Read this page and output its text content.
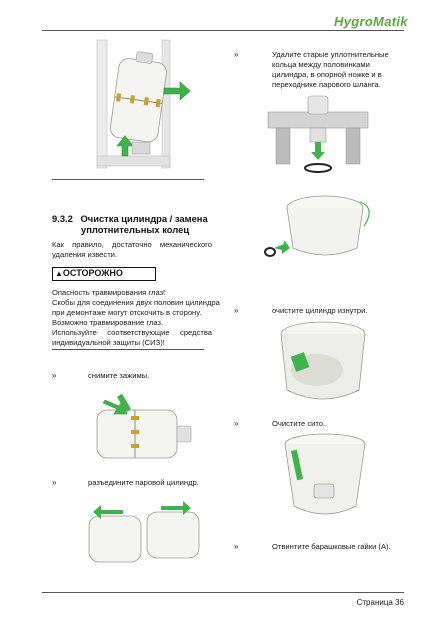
HygroMatik
9.3.2 Очистка цилиндра / замена
уплотнительных колец
Как правило, достаточно механического
удаления извести.
▲ОСТОРОЖНО
Опасность травмирования глаз!
Скобы для соединения двух половин цилиндра
при демонтаже могут отскочить в сторону.
Возможно травмирование глаз.
Используйте соответствующие средства
индивидуальной защиты (СИЗ)!
»	снимите зажимы.
»	разъедините паровой цилиндр.
»	Удалите старые уплотнительные
кольца между половинками
цилиндра, в опорной ножке и в
переходнике парового шланга.
»	очистите цилиндр изнутри.
»	Очистите сито.
»	Отвинтите барашковые гайки (А).
Страница 36
